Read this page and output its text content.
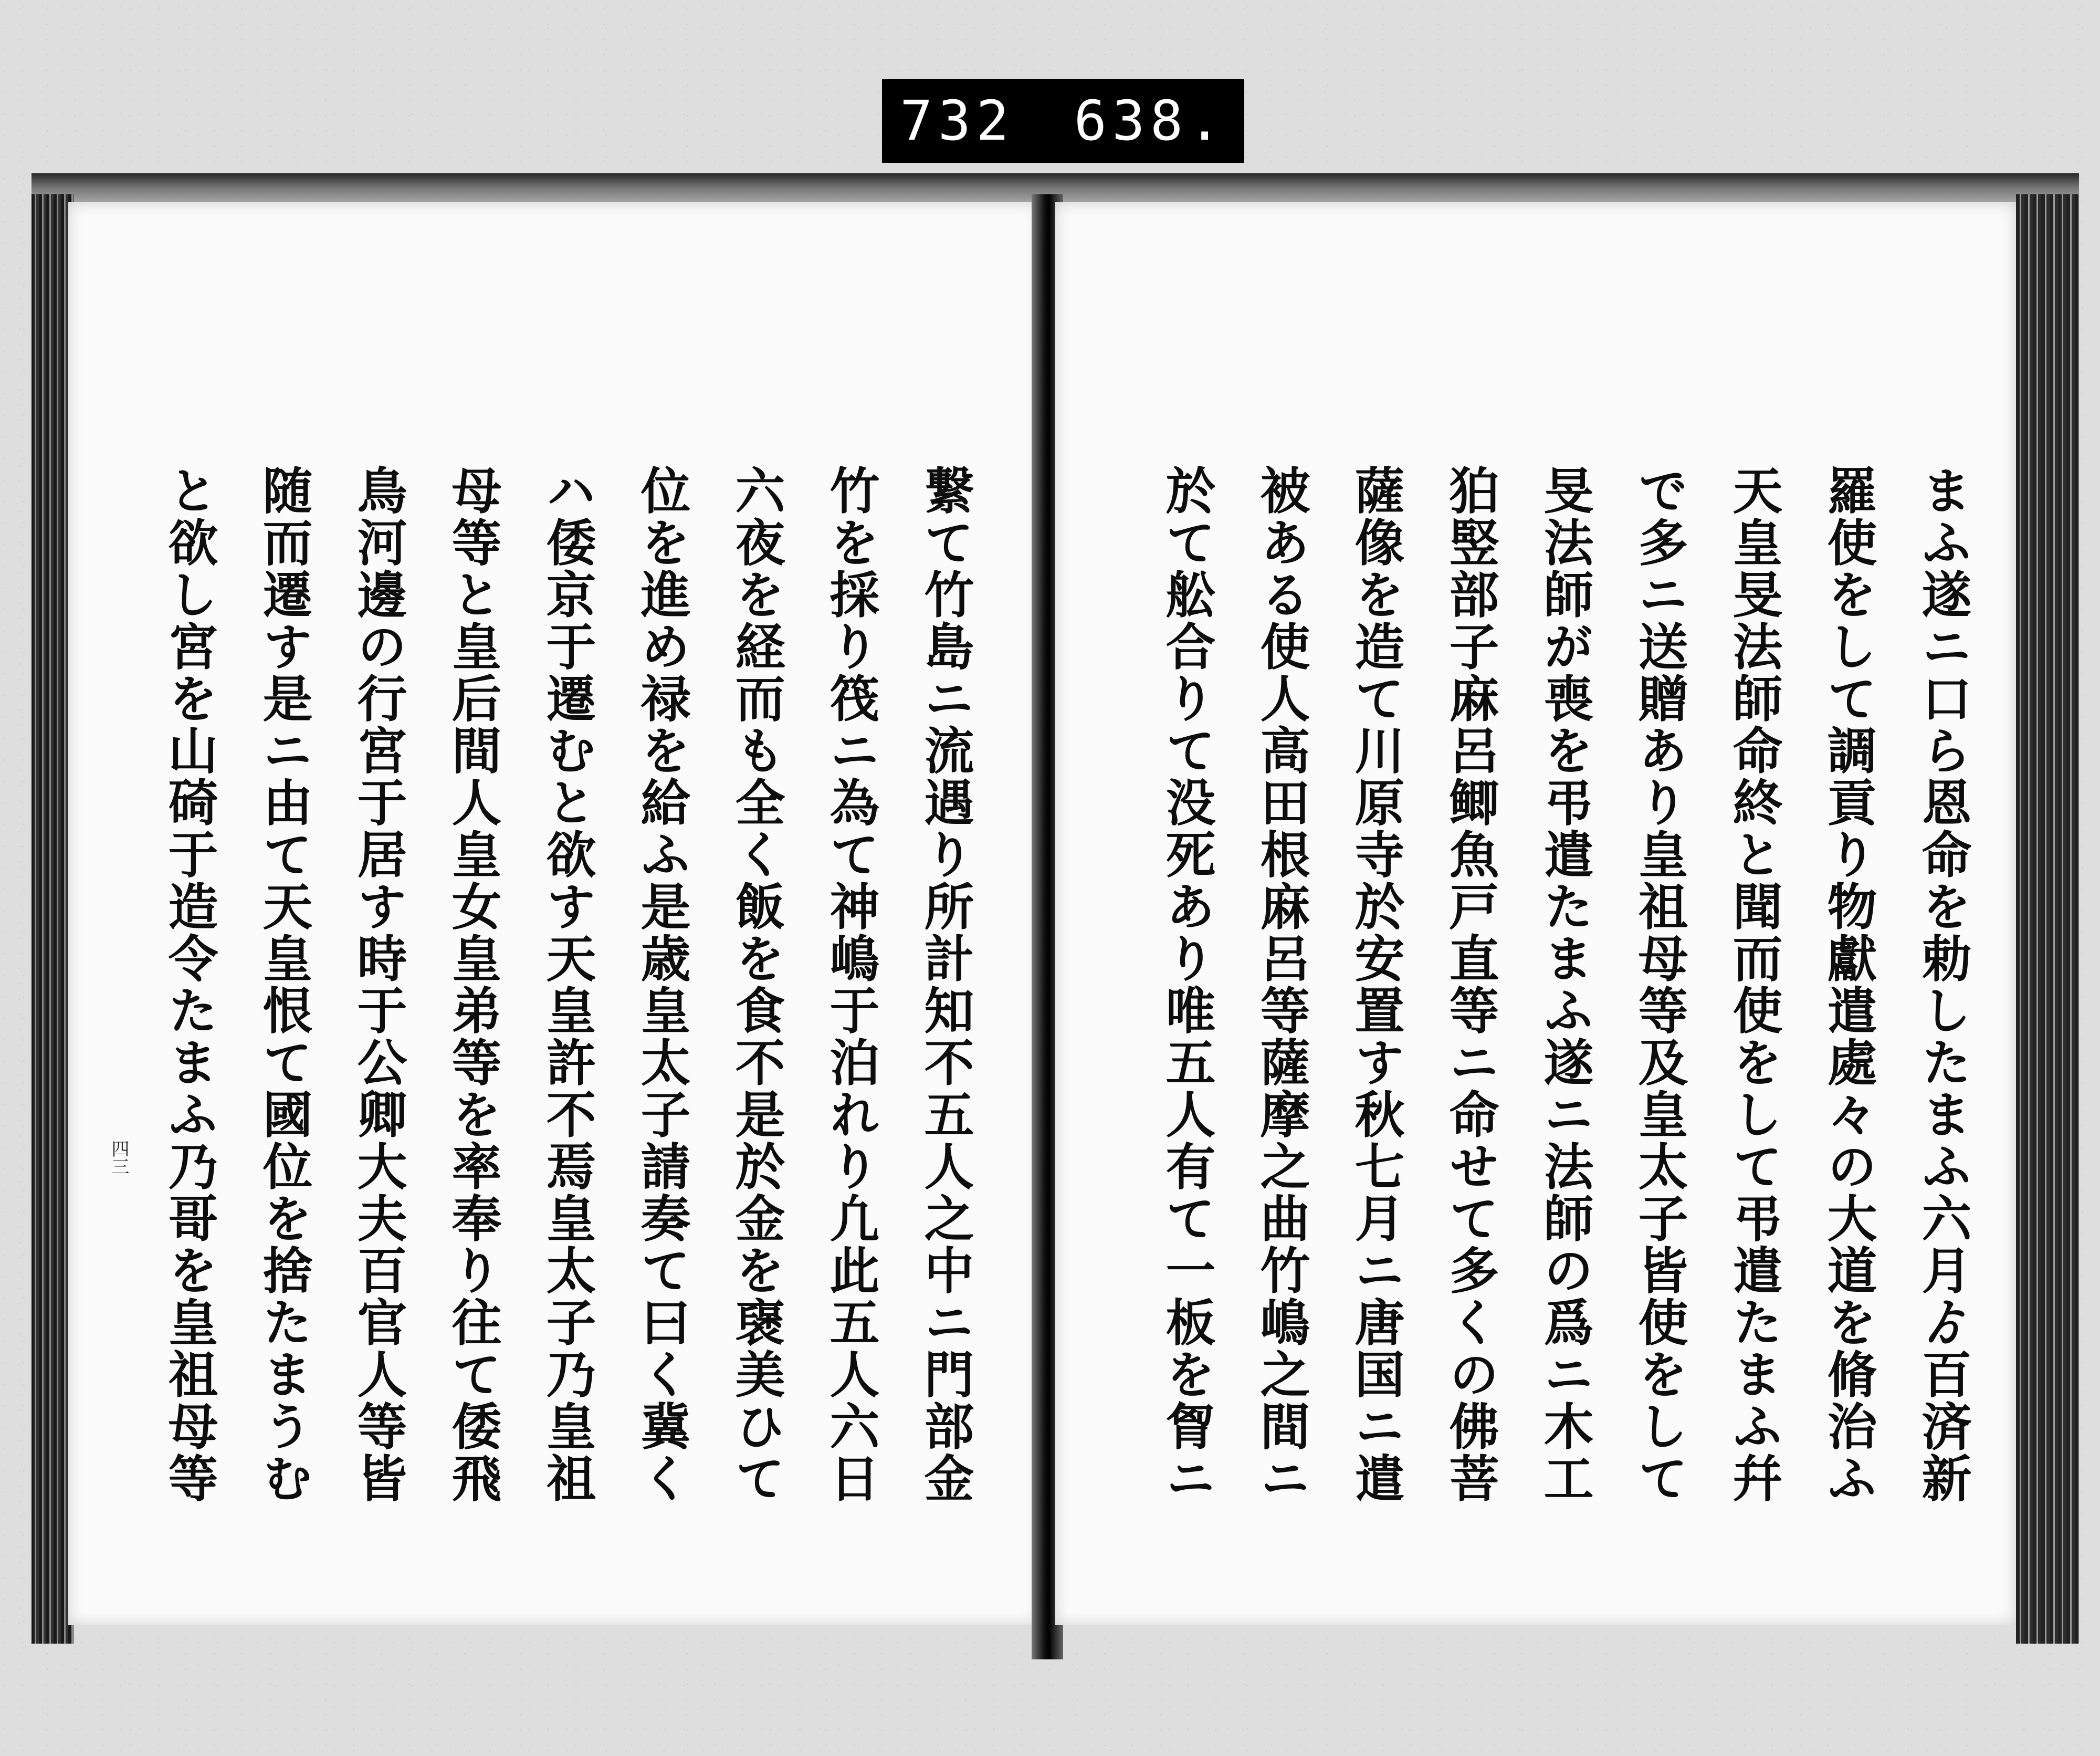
732 638.
繋て竹島ニ流遇り所計知不五人之中ニ門部金
竹を採り筏ニ為て神嶋于泊れり凢此五人六日
六夜を経而も全く飯を食不是於金を襃美ひて
位を進め禄を給ふ是歳皇太子請奏て曰く冀く
ハ倭京于遷むと欲す天皇許不焉皇太子乃皇祖
母等と皇后間人皇女皇弟等を率奉り往て倭飛
鳥河邊の行宮于居す時于公卿大夫百官人等皆
随而遷す是ニ由て天皇恨て國位を捨たまうむ
と欲し宮を山碕于造令たまふ乃哥を皇祖母等
四三	まふ遂ニ口ら恩命を勅したまふ六月ゟ百済新
羅使をして調貢り物獻遣處々の大道を脩治ふ
天皇旻法師命終と聞而使をして弔遣たまふ幷
で多ニ送贈あり皇祖母等及皇太子皆使をして
旻法師が喪を弔遣たまふ遂ニ法師の爲ニ木工
狛竪部子麻呂鲫魚戸直等ニ命せて多くの佛菩
薩像を造て川原寺於安置す秋七月ニ唐国ニ遣
被ある使人高田根麻呂等薩摩之曲竹嶋之間ニ
於て舩合りて没死あり唯五人有て一板を胷ニ
